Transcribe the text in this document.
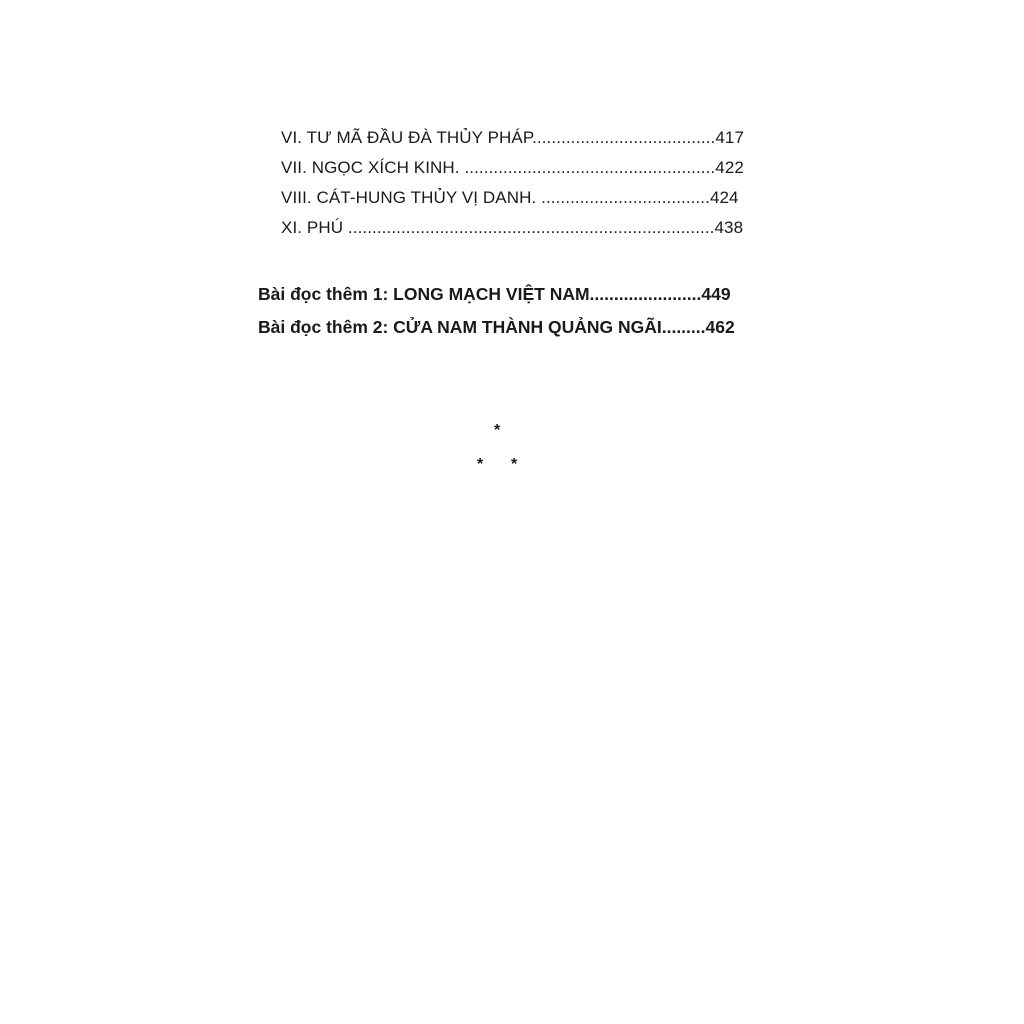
VI. TƯ MÃ ĐẦU ĐÀ THỦY PHÁP......................................417
VII. NGỌC XÍCH KINH. ....................................................422
VIII. CÁT-HUNG THỦY VỊ DANH. ...................................424
XI. PHÚ ............................................................................438
Bài đọc thêm 1: LONG MẠCH VIỆT NAM.......................449
Bài đọc thêm 2: CỬA NAM THÀNH QUẢNG NGÃI.........462
*
* *
